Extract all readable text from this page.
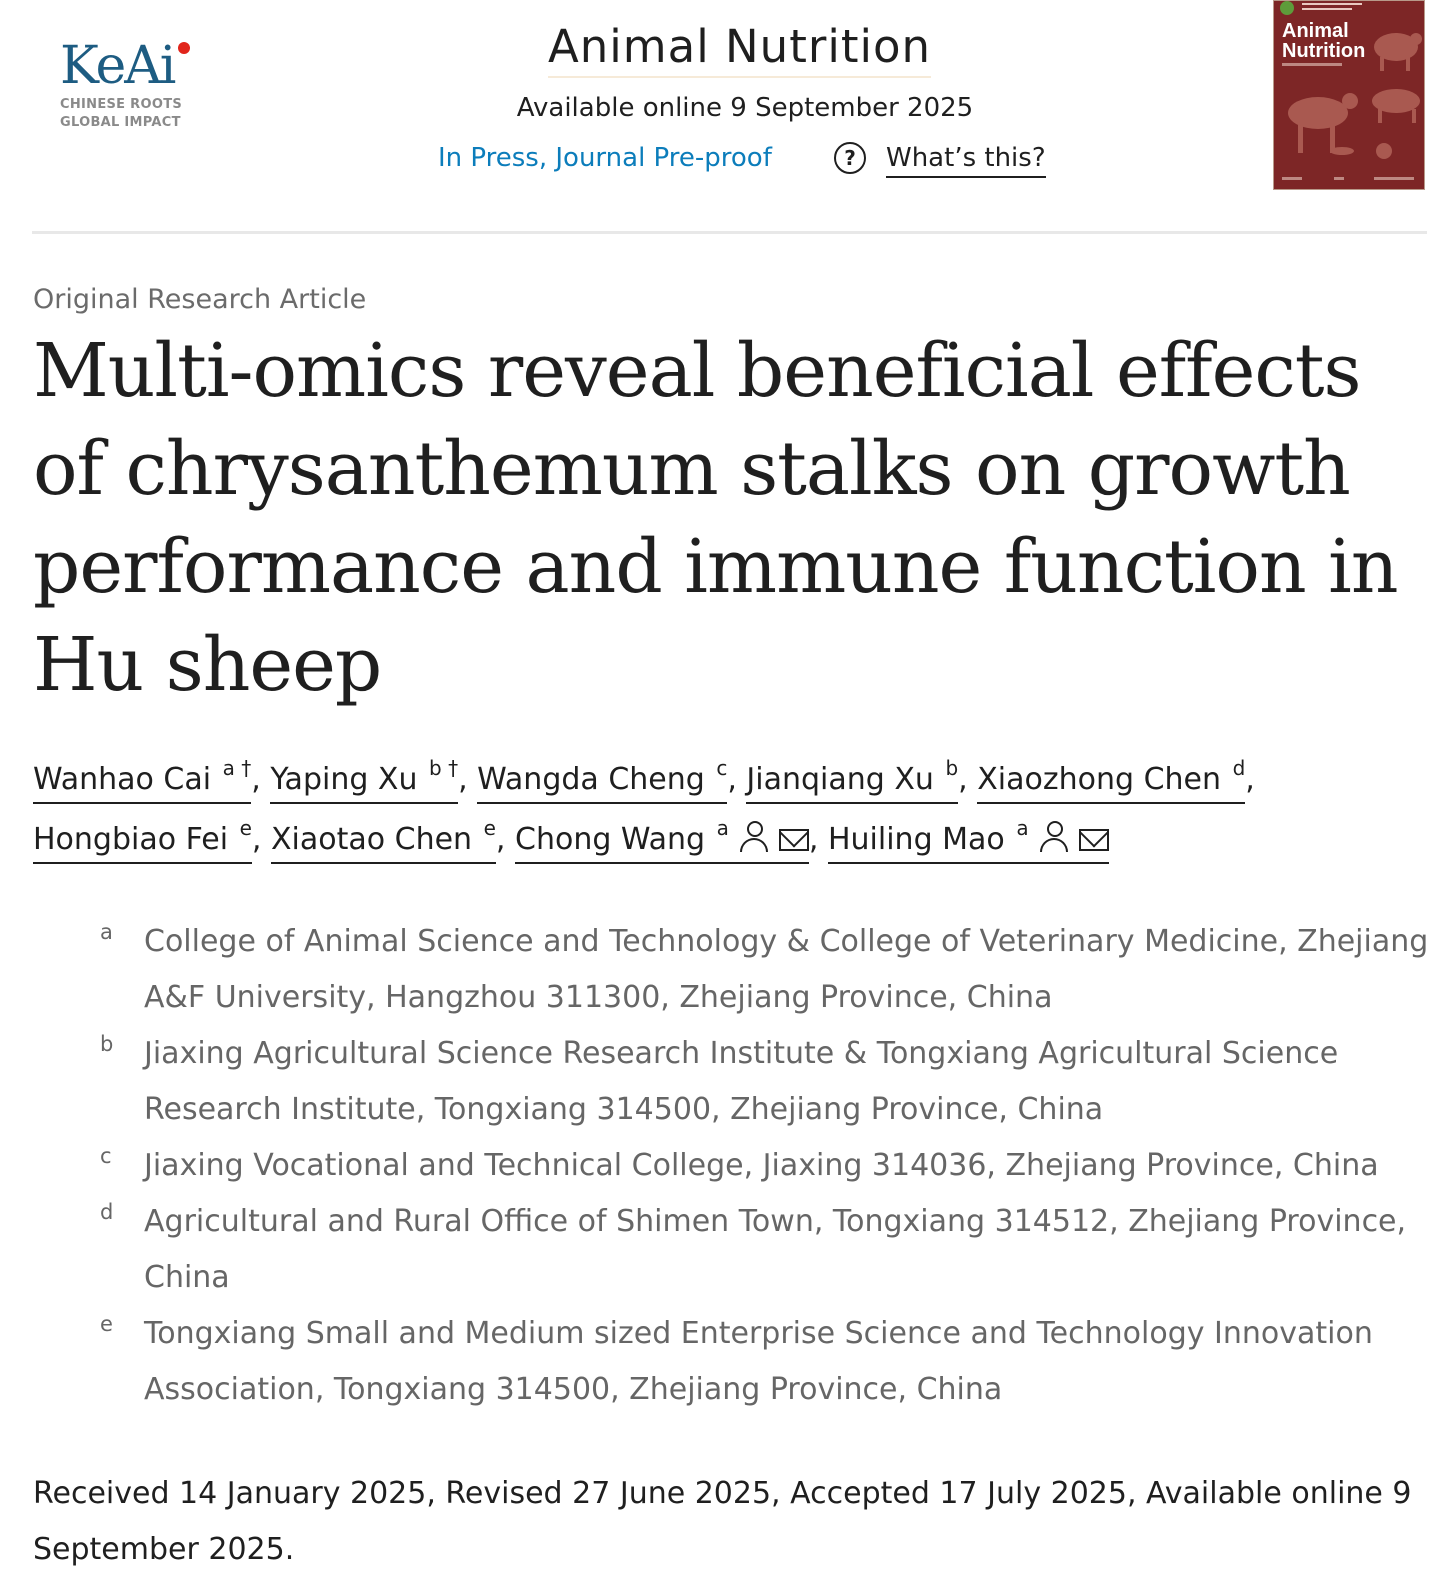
KeAi
CHINESE ROOTS
GLOBAL IMPACT
Animal Nutrition
Available online 9 September 2025
In Press, Journal Pre-proof	?	What’s this?
Animal Nutrition
Original Research Article
Multi-omics reveal beneficial effects of chrysanthemum stalks on growth performance and immune function in Hu sheep
Wanhao Cai $^{a \dagger}$, Yaping Xu $^{b \dagger}$, Wangda Cheng $^c$, Jianqiang Xu $^b$, Xiaozhong Chen $^d$,
Hongbiao Fei $^e$, Xiaotao Chen $^e$, Chong Wang $^a$	, Huiling Mao $^a$
a	College of Animal Science and Technology & College of Veterinary Medicine, Zhejiang A&F University, Hangzhou 311300, Zhejiang Province, China
b	Jiaxing Agricultural Science Research Institute & Tongxiang Agricultural Science Research Institute, Tongxiang 314500, Zhejiang Province, China
c	Jiaxing Vocational and Technical College, Jiaxing 314036, Zhejiang Province, China
d	Agricultural and Rural Office of Shimen Town, Tongxiang 314512, Zhejiang Province, China
e	Tongxiang Small and Medium sized Enterprise Science and Technology Innovation Association, Tongxiang 314500, Zhejiang Province, China
Received 14 January 2025, Revised 27 June 2025, Accepted 17 July 2025, Available online 9 September 2025.
